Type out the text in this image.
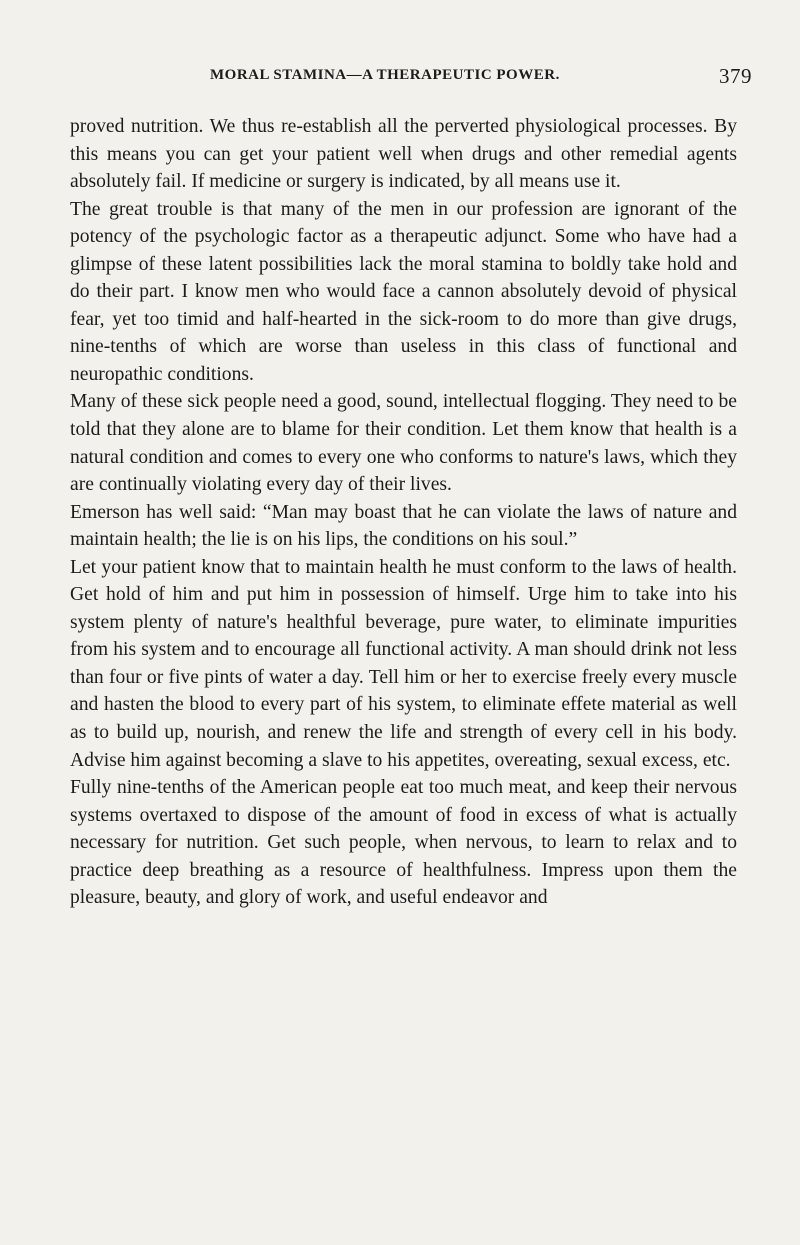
MORAL STAMINA—A THERAPEUTIC POWER.	379

proved nutrition. We thus re-establish all the perverted physiological processes. By this means you can get your patient well when drugs and other remedial agents absolutely fail. If medicine or surgery is indicated, by all means use it.

The great trouble is that many of the men in our profession are ignorant of the potency of the psychologic factor as a therapeutic adjunct. Some who have had a glimpse of these latent possibilities lack the moral stamina to boldly take hold and do their part. I know men who would face a cannon absolutely devoid of physical fear, yet too timid and half-hearted in the sick-room to do more than give drugs, nine-tenths of which are worse than useless in this class of functional and neuropathic conditions.

Many of these sick people need a good, sound, intellectual flogging. They need to be told that they alone are to blame for their condition. Let them know that health is a natural condition and comes to every one who conforms to nature's laws, which they are continually violating every day of their lives.

Emerson has well said: “Man may boast that he can violate the laws of nature and maintain health; the lie is on his lips, the conditions on his soul.”

Let your patient know that to maintain health he must conform to the laws of health. Get hold of him and put him in possession of himself. Urge him to take into his system plenty of nature's healthful beverage, pure water, to eliminate impurities from his system and to encourage all functional activity. A man should drink not less than four or five pints of water a day. Tell him or her to exercise freely every muscle and hasten the blood to every part of his system, to eliminate effete material as well as to build up, nourish, and renew the life and strength of every cell in his body. Advise him against becoming a slave to his appetites, overeating, sexual excess, etc.

Fully nine-tenths of the American people eat too much meat, and keep their nervous systems overtaxed to dispose of the amount of food in excess of what is actually necessary for nutrition. Get such people, when nervous, to learn to relax and to practice deep breathing as a resource of healthfulness. Impress upon them the pleasure, beauty, and glory of work, and useful endeavor and
